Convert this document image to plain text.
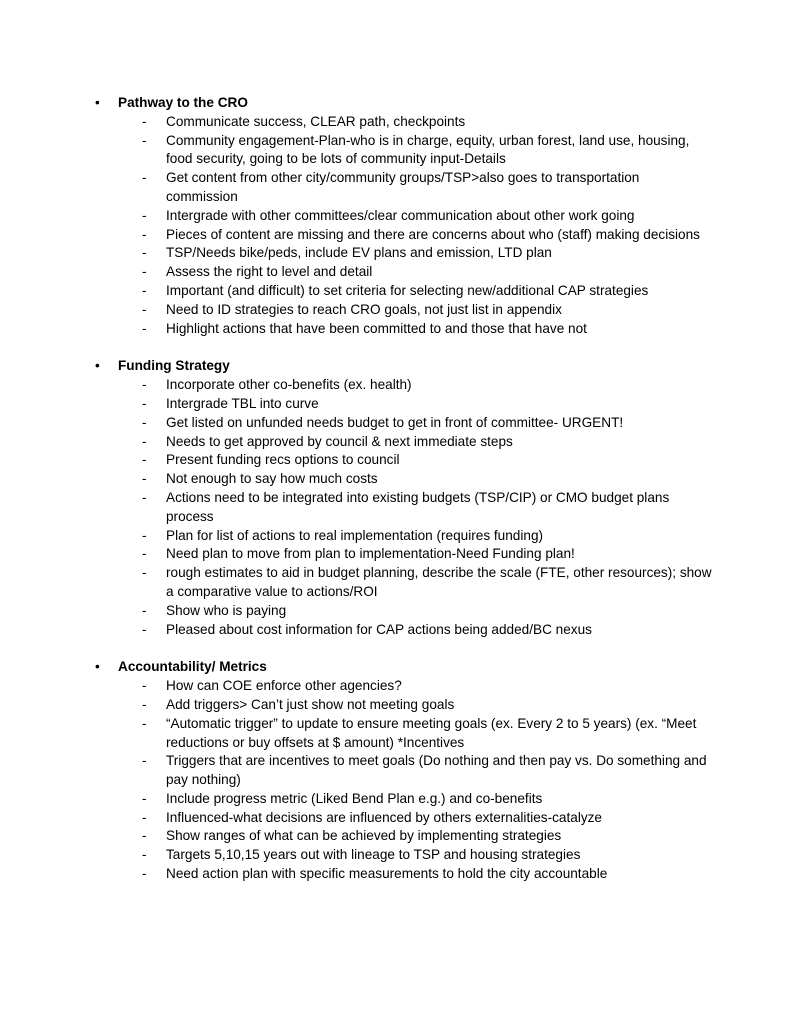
•	Pathway to the CRO
-	Communicate success, CLEAR path, checkpoints
-	Community engagement-Plan-who is in charge, equity, urban forest, land use, housing, food security, going to be lots of community input-Details
-	Get content from other city/community groups/TSP>also goes to transportation commission
-	Intergrade with other committees/clear communication about other work going
-	Pieces of content are missing and there are concerns about who (staff) making decisions
-	TSP/Needs bike/peds, include EV plans and emission, LTD plan
-	Assess the right to level and detail
-	Important (and difficult) to set criteria for selecting new/additional CAP strategies
-	Need to ID strategies to reach CRO goals, not just list in appendix
-	Highlight actions that have been committed to and those that have not
•	Funding Strategy
-	Incorporate other co-benefits (ex. health)
-	Intergrade TBL into curve
-	Get listed on unfunded needs budget to get in front of committee- URGENT!
-	Needs to get approved by council & next immediate steps
-	Present funding recs options to council
-	Not enough to say how much costs
-	Actions need to be integrated into existing budgets (TSP/CIP) or CMO budget plans process
-	Plan for list of actions to real implementation (requires funding)
-	Need plan to move from plan to implementation-Need Funding plan!
-	rough estimates to aid in budget planning, describe the scale (FTE, other resources); show a comparative value to actions/ROI
-	Show who is paying
-	Pleased about cost information for CAP actions being added/BC nexus
•	Accountability/ Metrics
-	How can COE enforce other agencies?
-	Add triggers> Can’t just show not meeting goals
-	“Automatic trigger” to update to ensure meeting goals (ex. Every 2 to 5 years) (ex. “Meet reductions or buy offsets at $ amount) *Incentives
-	Triggers that are incentives to meet goals (Do nothing and then pay vs. Do something and pay nothing)
-	Include progress metric (Liked Bend Plan e.g.) and co-benefits
-	Influenced-what decisions are influenced by others externalities-catalyze
-	Show ranges of what can be achieved by implementing strategies
-	Targets 5,10,15 years out with lineage to TSP and housing strategies
-	Need action plan with specific measurements to hold the city accountable
